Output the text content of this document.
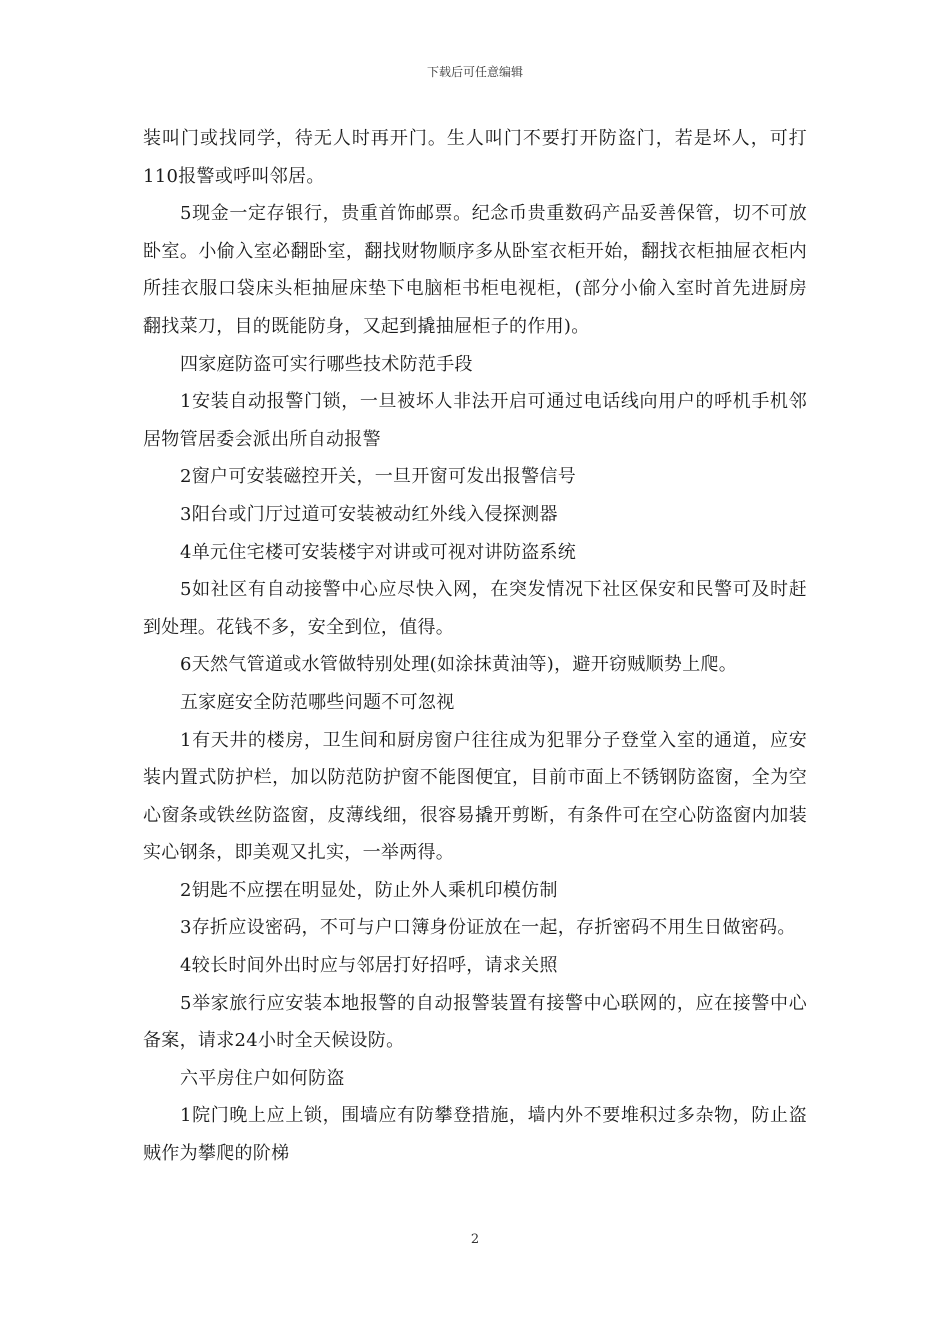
下载后可任意编辑

装叫门或找同学，待无人时再开门。生人叫门不要打开防盗门，若是坏人，可打110报警或呼叫邻居。

5现金一定存银行，贵重首饰邮票。纪念币贵重数码产品妥善保管，切不可放卧室。小偷入室必翻卧室，翻找财物顺序多从卧室衣柜开始，翻找衣柜抽屉衣柜内所挂衣服口袋床头柜抽屉床垫下电脑柜书柜电视柜，(部分小偷入室时首先进厨房翻找菜刀，目的既能防身，又起到撬抽屉柜子的作用)。

四家庭防盗可实行哪些技术防范手段

1安装自动报警门锁，一旦被坏人非法开启可通过电话线向用户的呼机手机邻居物管居委会派出所自动报警

2窗户可安装磁控开关，一旦开窗可发出报警信号

3阳台或门厅过道可安装被动红外线入侵探测器

4单元住宅楼可安装楼宇对讲或可视对讲防盗系统

5如社区有自动接警中心应尽快入网，在突发情况下社区保安和民警可及时赶到处理。花钱不多，安全到位，值得。

6天然气管道或水管做特别处理(如涂抹黄油等)，避开窃贼顺势上爬。

五家庭安全防范哪些问题不可忽视

1有天井的楼房，卫生间和厨房窗户往往成为犯罪分子登堂入室的通道，应安装内置式防护栏，加以防范防护窗不能图便宜，目前市面上不锈钢防盗窗，全为空心窗条或铁丝防盗窗，皮薄线细，很容易撬开剪断，有条件可在空心防盗窗内加装实心钢条，即美观又扎实，一举两得。

2钥匙不应摆在明显处，防止外人乘机印模仿制

3存折应设密码，不可与户口簿身份证放在一起，存折密码不用生日做密码。

4较长时间外出时应与邻居打好招呼，请求关照

5举家旅行应安装本地报警的自动报警装置有接警中心联网的，应在接警中心备案，请求24小时全天候设防。

六平房住户如何防盗

1院门晚上应上锁，围墙应有防攀登措施，墙内外不要堆积过多杂物，防止盗贼作为攀爬的阶梯

2
